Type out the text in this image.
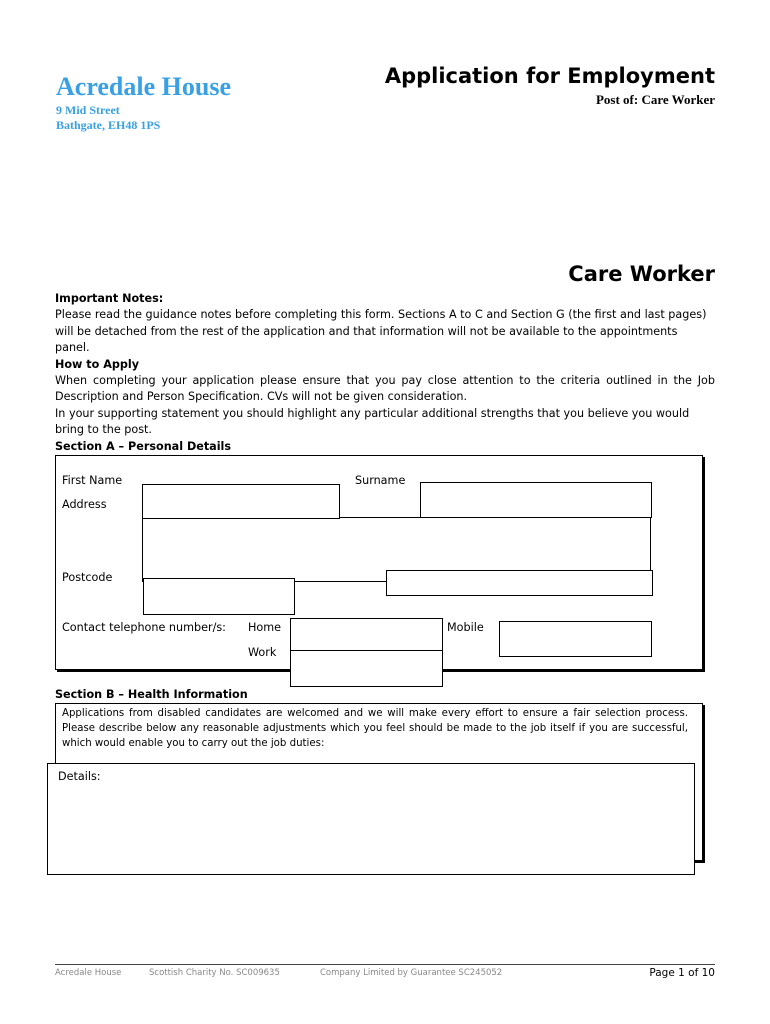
Acredale House
9 Mid Street
Bathgate, EH48 1PS
Application for Employment
Post of: Care Worker
Care Worker

Important Notes:

Please read the guidance notes before completing this form. Sections A to C and Section G (the first and last pages) will be detached from the rest of the application and that information will not be available to the appointments panel.

How to Apply

When completing your application please ensure that you pay close attention to the criteria outlined in the Job Description and Person Specification. CVs will not be given consideration.

In your supporting statement you should highlight any particular additional strengths that you believe you would bring to the post.

Section A – Personal Details

First Name	Surname
Address
Postcode
Contact telephone number/s: Home	Mobile
Work
Section B – Health Information
Applications from disabled candidates are welcomed and we will make every effort to ensure a fair selection process. Please describe below any reasonable adjustments which you feel should be made to the job itself if you are successful, which would enable you to carry out the job duties:
Details:
Acredale House	Scottish Charity No. SC009635	Company Limited by Guarantee SC245052	Page 1 of 10
